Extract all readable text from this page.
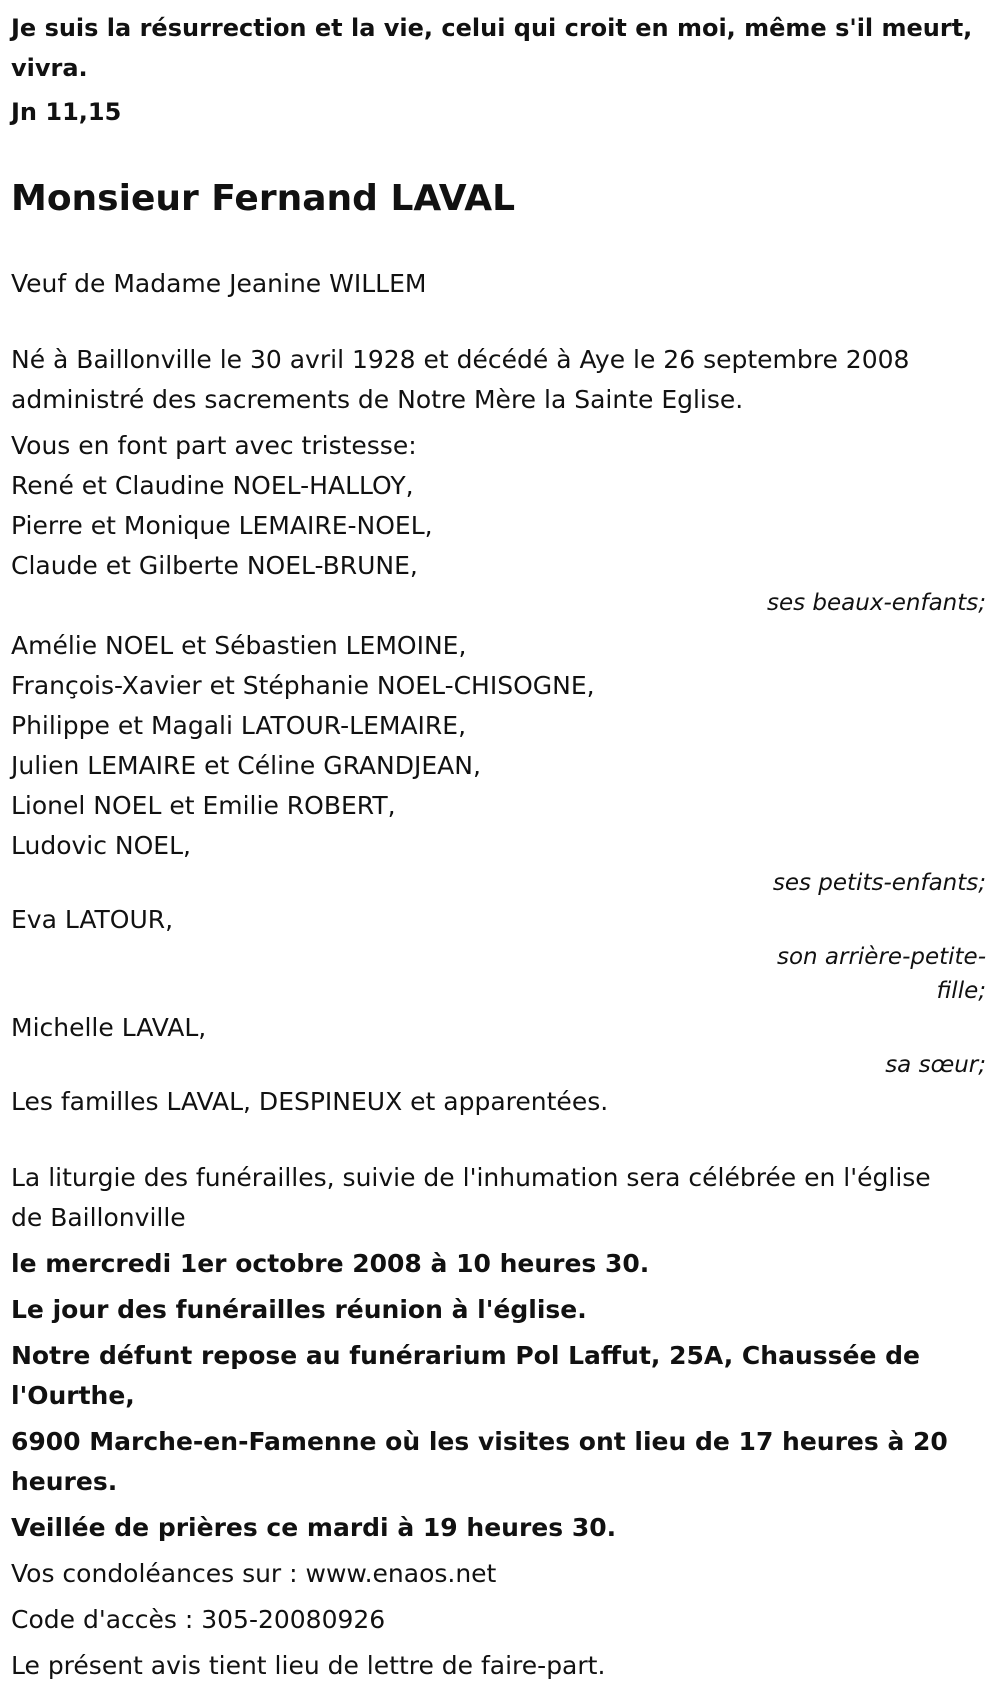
Je suis la résurrection et la vie, celui qui croit en moi, même s'il meurt, vivra.

Jn 11,15

Monsieur Fernand LAVAL

Veuf de Madame Jeanine WILLEM

Né à Baillonville le 30 avril 1928 et décédé à Aye le 26 septembre 2008

administré des sacrements de Notre Mère la Sainte Eglise.

Vous en font part avec tristesse:

René et Claudine NOEL-HALLOY,

Pierre et Monique LEMAIRE-NOEL,

Claude et Gilberte NOEL-BRUNE,

ses beaux-enfants;

Amélie NOEL et Sébastien LEMOINE,

François-Xavier et Stéphanie NOEL-CHISOGNE,

Philippe et Magali LATOUR-LEMAIRE,

Julien LEMAIRE et Céline GRANDJEAN,

Lionel NOEL et Emilie ROBERT,

Ludovic NOEL,

ses petits-enfants;

Eva LATOUR,

son arrière-petite-fille;

Michelle LAVAL,

sa sœur;

Les familles LAVAL, DESPINEUX et apparentées.

La liturgie des funérailles, suivie de l'inhumation sera célébrée en l'église

de Baillonville

le mercredi 1er octobre 2008 à 10 heures 30.

Le jour des funérailles réunion à l'église.

Notre défunt repose au funérarium Pol Laffut, 25A, Chaussée de

l'Ourthe,

6900 Marche-en-Famenne où les visites ont lieu de 17 heures à 20

heures.

Veillée de prières ce mardi à 19 heures 30.

Vos condoléances sur : www.enaos.net

Code d'accès : 305-20080926

Le présent avis tient lieu de lettre de faire-part.
